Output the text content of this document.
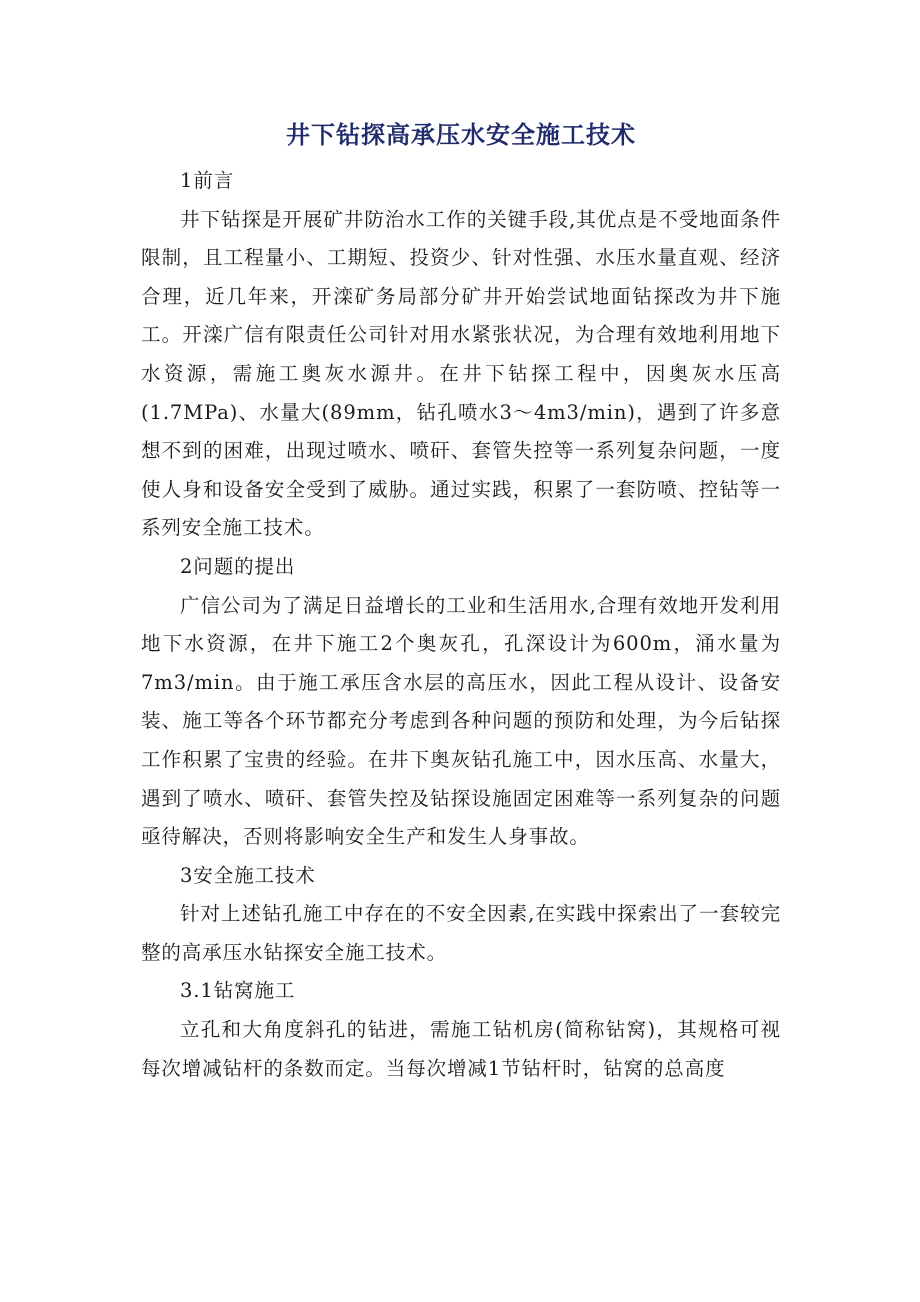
井下钻探高承压水安全施工技术

1前言

井下钻探是开展矿井防治水工作的关键手段,其优点是不受地面条件限制，且工程量小、工期短、投资少、针对性强、水压水量直观、经济合理，近几年来，开滦矿务局部分矿井开始尝试地面钻探改为井下施工。开滦广信有限责任公司针对用水紧张状况，为合理有效地利用地下水资源，需施工奥灰水源井。在井下钻探工程中，因奥灰水压高(1.7MPa)、水量大(89mm，钻孔喷水3～4m3/min)，遇到了许多意想不到的困难，出现过喷水、喷矸、套管失控等一系列复杂问题，一度使人身和设备安全受到了威胁。通过实践，积累了一套防喷、控钻等一系列安全施工技术。

2问题的提出

广信公司为了满足日益增长的工业和生活用水,合理有效地开发利用地下水资源，在井下施工2个奥灰孔，孔深设计为600m，涌水量为7m3/min。由于施工承压含水层的高压水，因此工程从设计、设备安装、施工等各个环节都充分考虑到各种问题的预防和处理，为今后钻探工作积累了宝贵的经验。在井下奥灰钻孔施工中，因水压高、水量大，遇到了喷水、喷矸、套管失控及钻探设施固定困难等一系列复杂的问题亟待解决，否则将影响安全生产和发生人身事故。

3安全施工技术

针对上述钻孔施工中存在的不安全因素,在实践中探索出了一套较完整的高承压水钻探安全施工技术。

3.1钻窝施工

立孔和大角度斜孔的钻进，需施工钻机房(简称钻窝)，其规格可视每次增减钻杆的条数而定。当每次增减1节钻杆时，钻窝的总高度
